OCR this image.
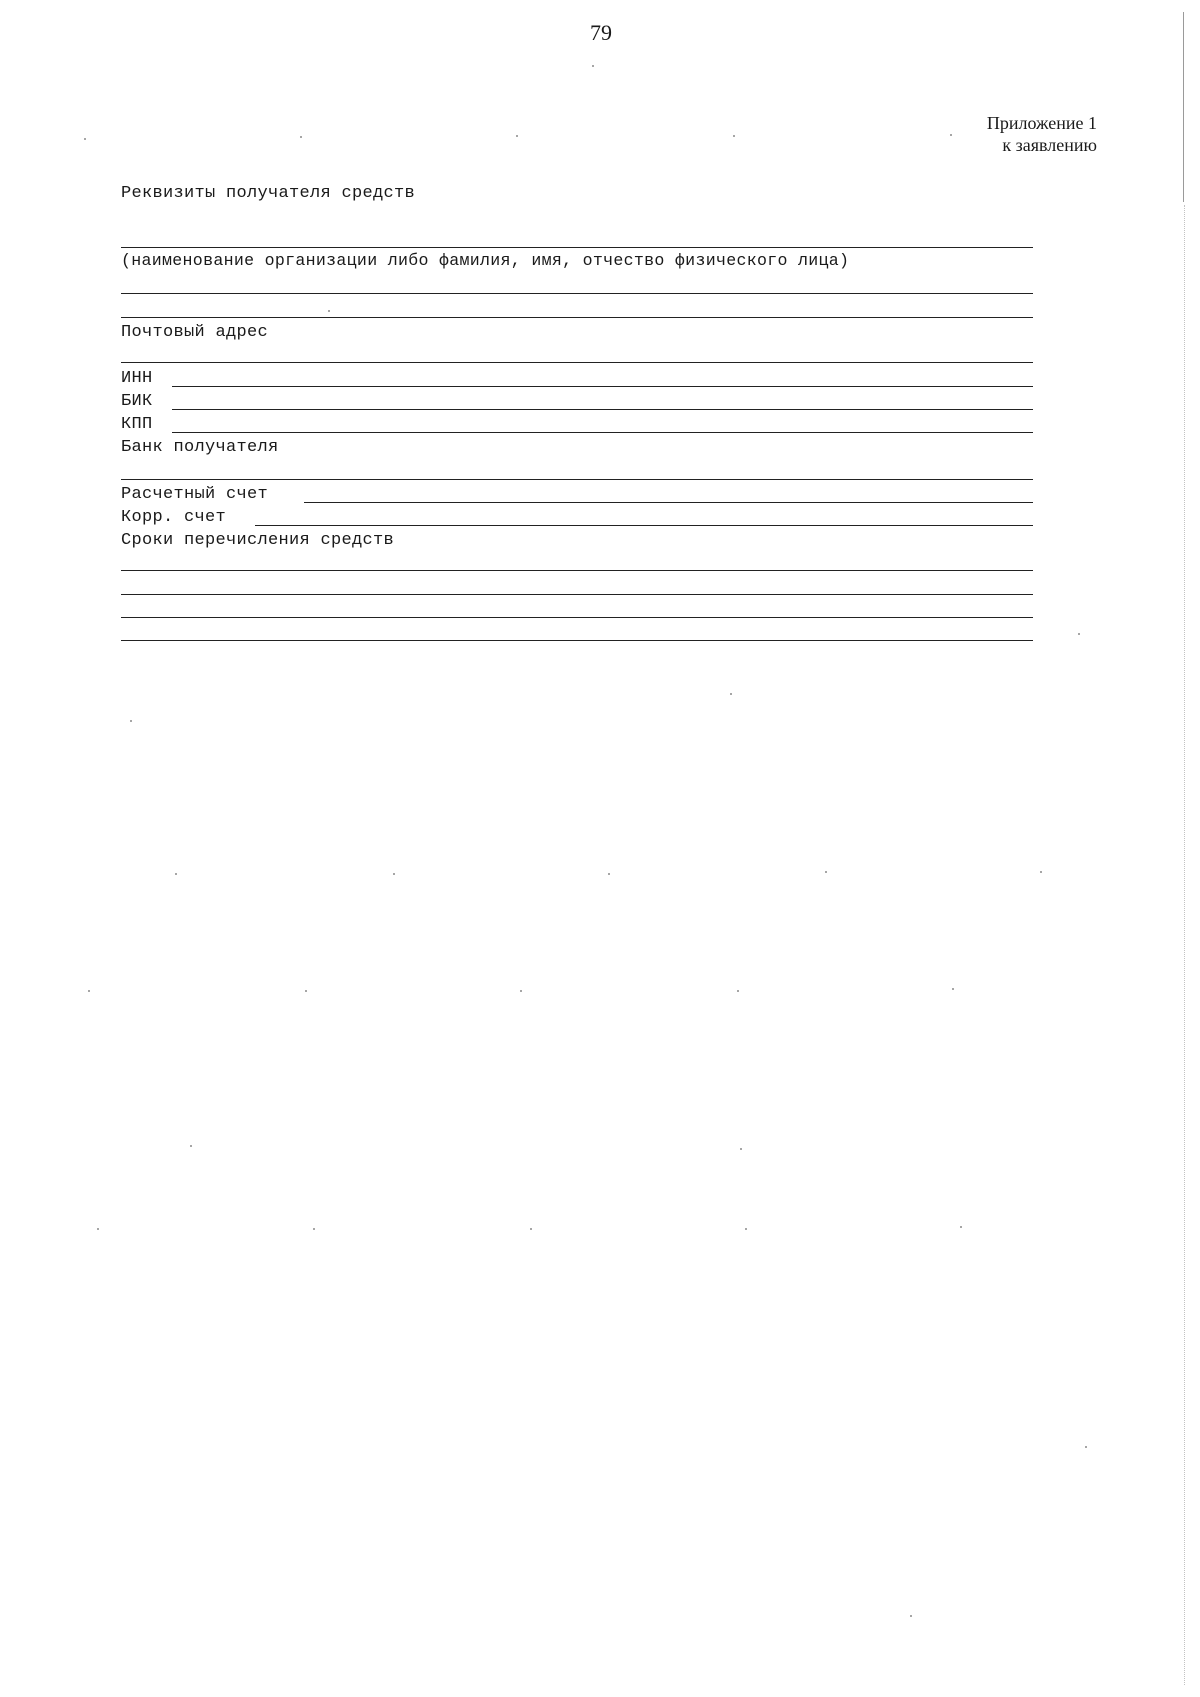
79
Приложение 1
к заявлению
Реквизиты получателя средств
(наименование организации либо фамилия, имя, отчество физического лица)
Почтовый адрес
ИНН
БИК
КПП
Банк получателя
Расчетный счет
Корр. счет
Сроки перечисления средств
